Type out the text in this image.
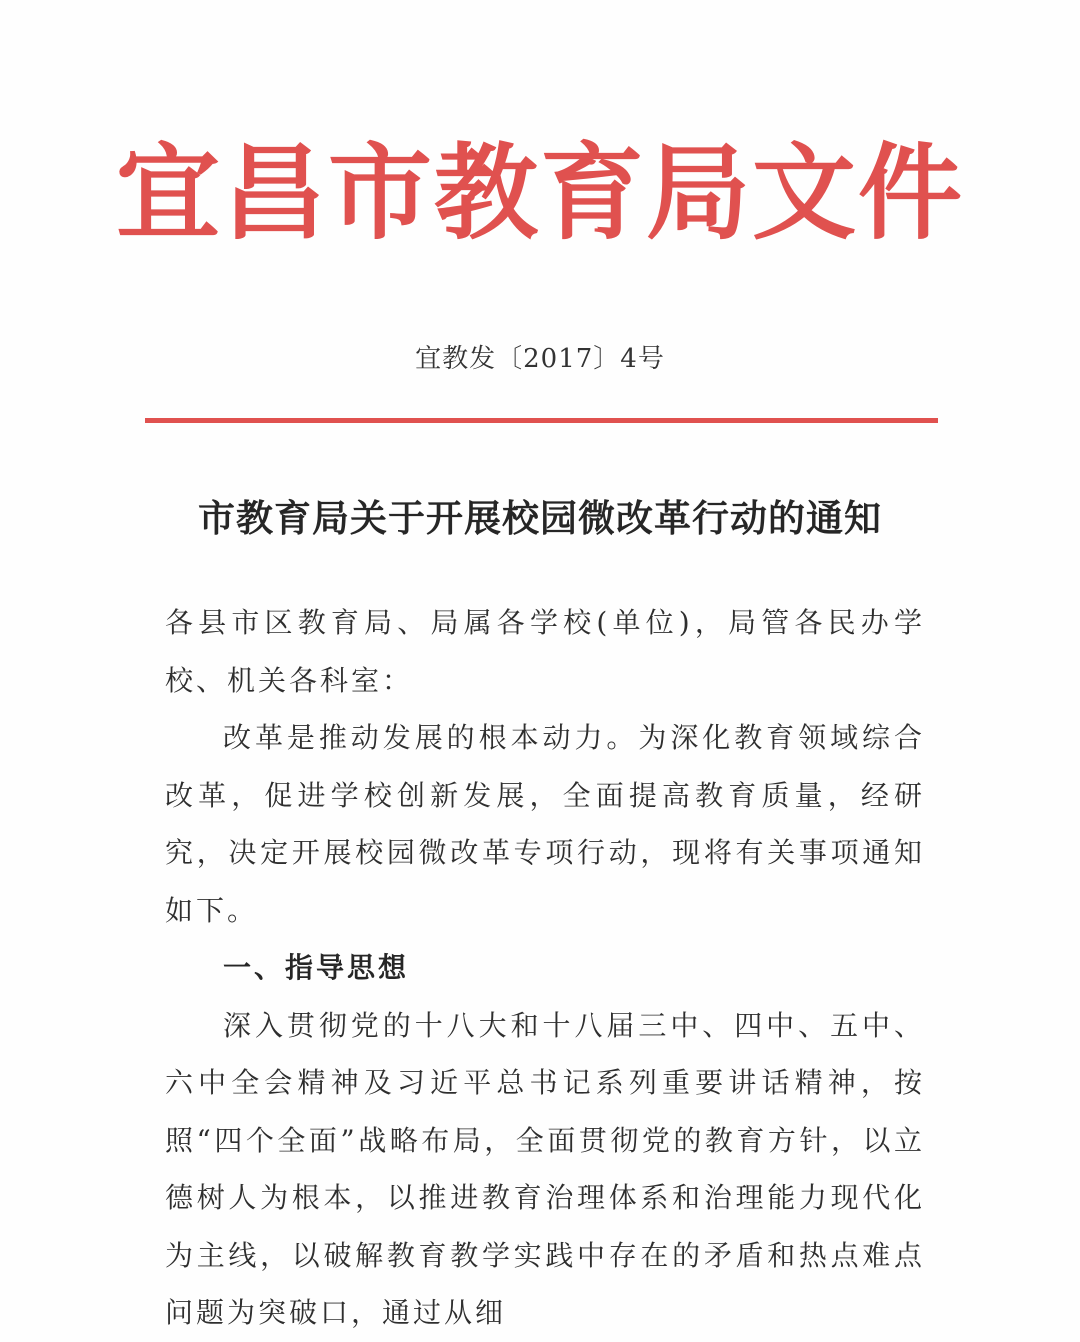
宜昌市教育局文件
宜教发〔2017〕4号
市教育局关于开展校园微改革行动的通知

各县市区教育局、局属各学校(单位)，局管各民办学校、机关各科室：

改革是推动发展的根本动力。为深化教育领域综合改革，促进学校创新发展，全面提高教育质量，经研究，决定开展校园微改革专项行动，现将有关事项通知如下。

一、指导思想

深入贯彻党的十八大和十八届三中、四中、五中、六中全会精神及习近平总书记系列重要讲话精神，按照“四个全面”战略布局，全面贯彻党的教育方针，以立德树人为根本，以推进教育治理体系和治理能力现代化为主线，以破解教育教学实践中存在的矛盾和热点难点问题为突破口，通过从细
